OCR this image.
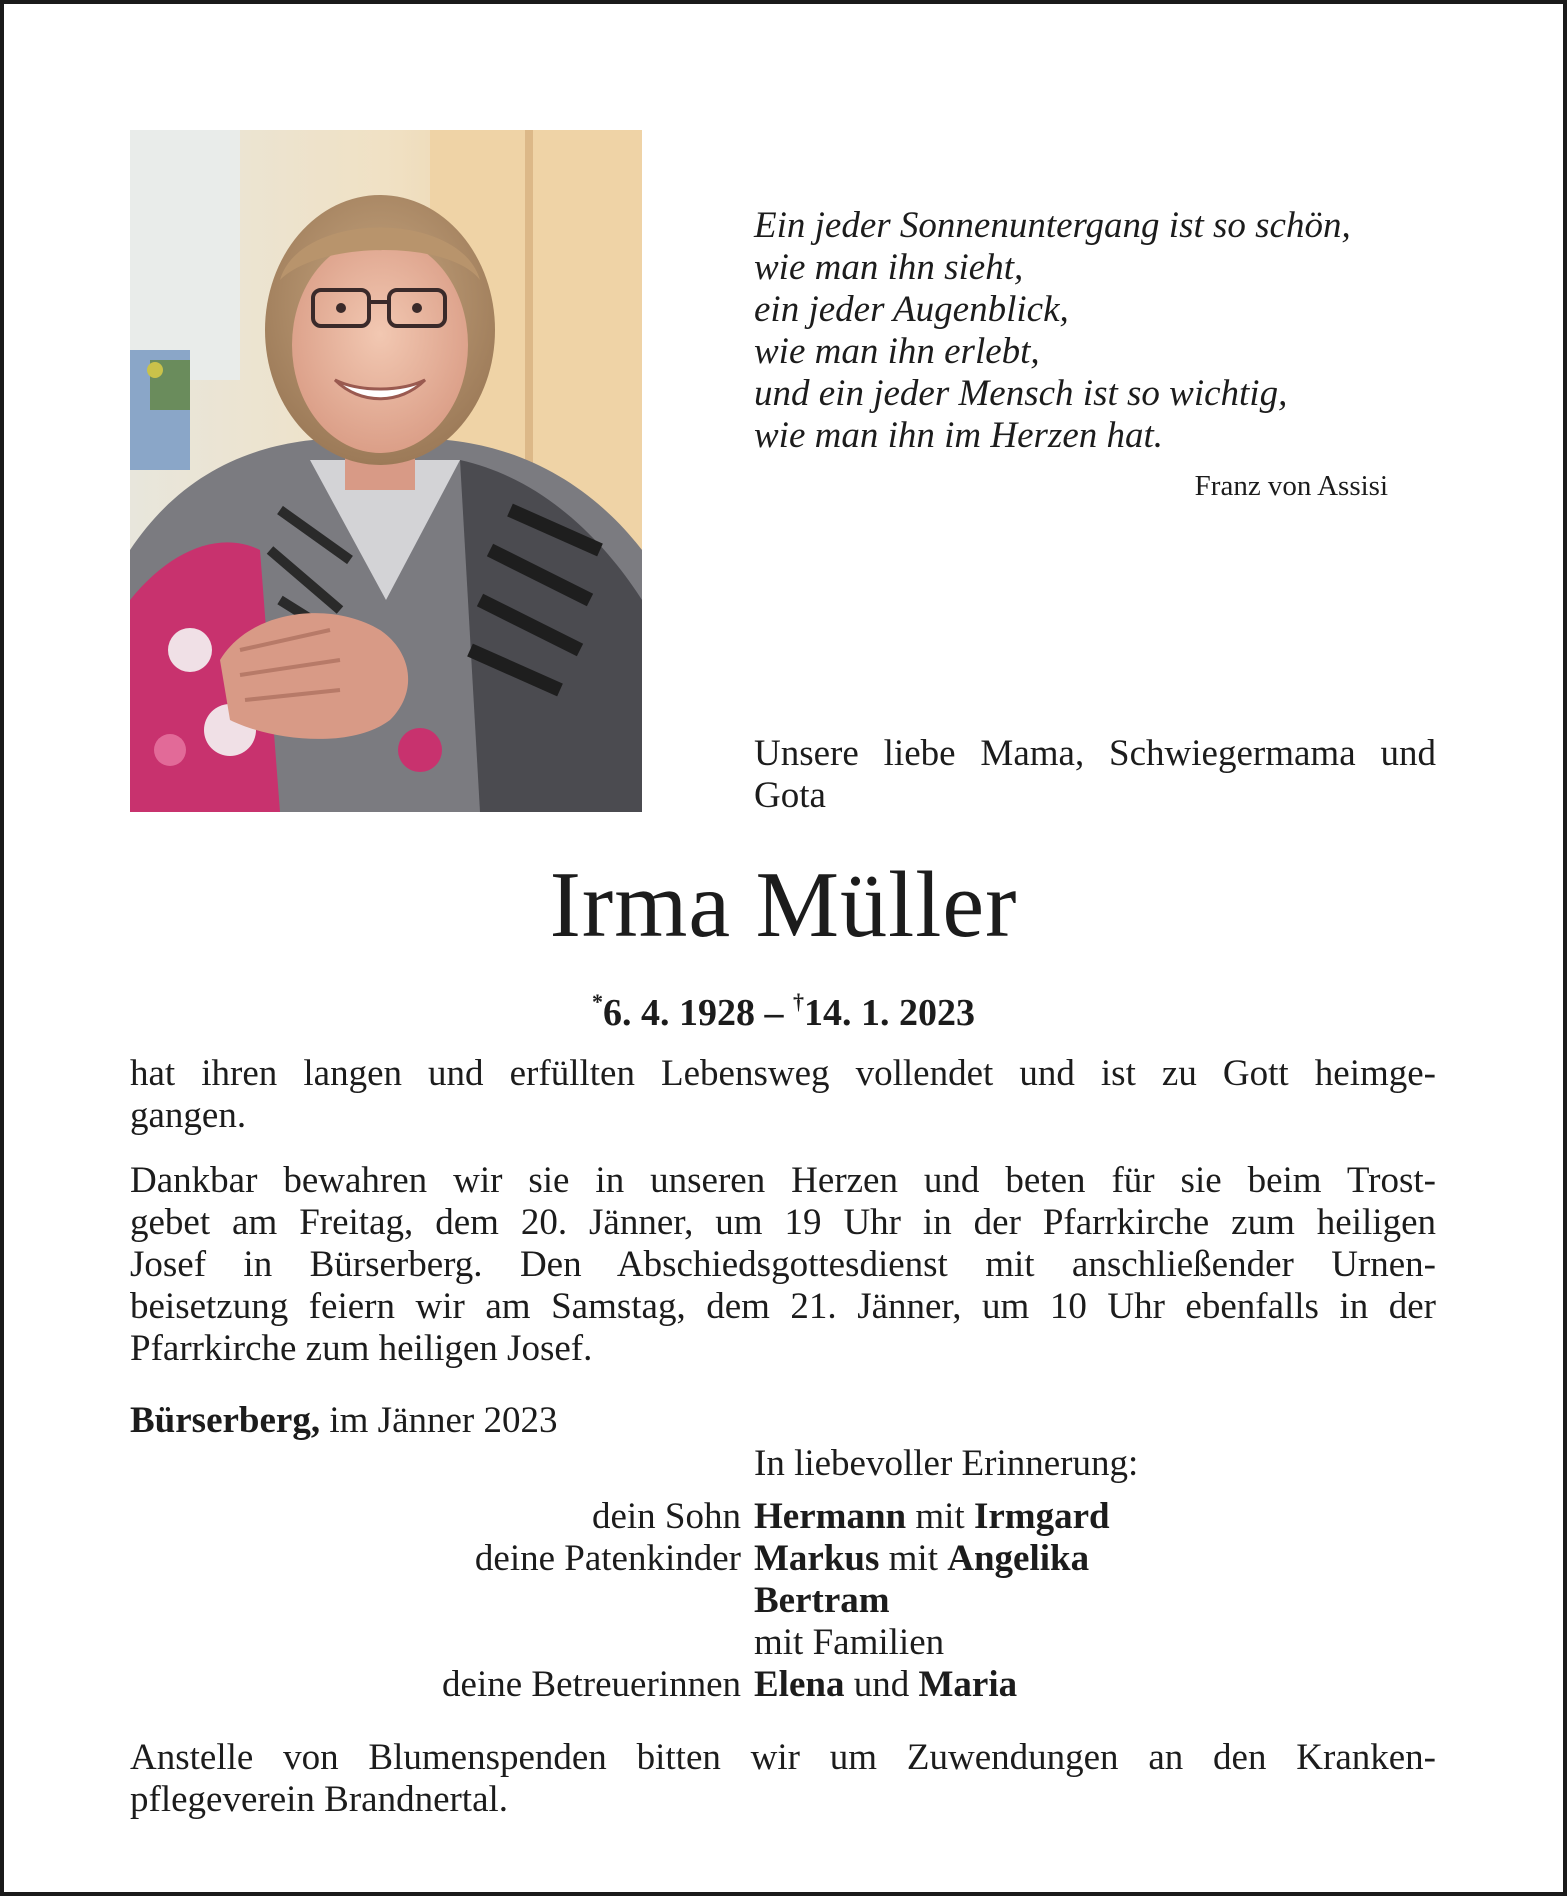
Ein jeder Sonnenuntergang ist so schön,
wie man ihn sieht,
ein jeder Augenblick,
wie man ihn erlebt,
und ein jeder Mensch ist so wichtig,
wie man ihn im Herzen hat.
Franz von Assisi
Unsere liebe Mama, Schwiegermama und Gota
Irma Müller
*6. 4. 1928 – †14. 1. 2023
hat ihren langen und erfüllten Lebensweg vollendet und ist zu Gott heimge-
gangen.
Dankbar bewahren wir sie in unseren Herzen und beten für sie beim Trost-
gebet am Freitag, dem 20. Jänner, um 19 Uhr in der Pfarrkirche zum heiligen
Josef in Bürserberg. Den Abschiedsgottesdienst mit anschließender Urnen-
beisetzung feiern wir am Samstag, dem 21. Jänner, um 10 Uhr ebenfalls in der
Pfarrkirche zum heiligen Josef.
Bürserberg, im Jänner 2023
In liebevoller Erinnerung:
dein Sohn Hermann mit Irmgard
deine Patenkinder Markus mit Angelika
Bertram
mit Familien
deine Betreuerinnen Elena und Maria
Anstelle von Blumenspenden bitten wir um Zuwendungen an den Kranken-
pflegeverein Brandnertal.
